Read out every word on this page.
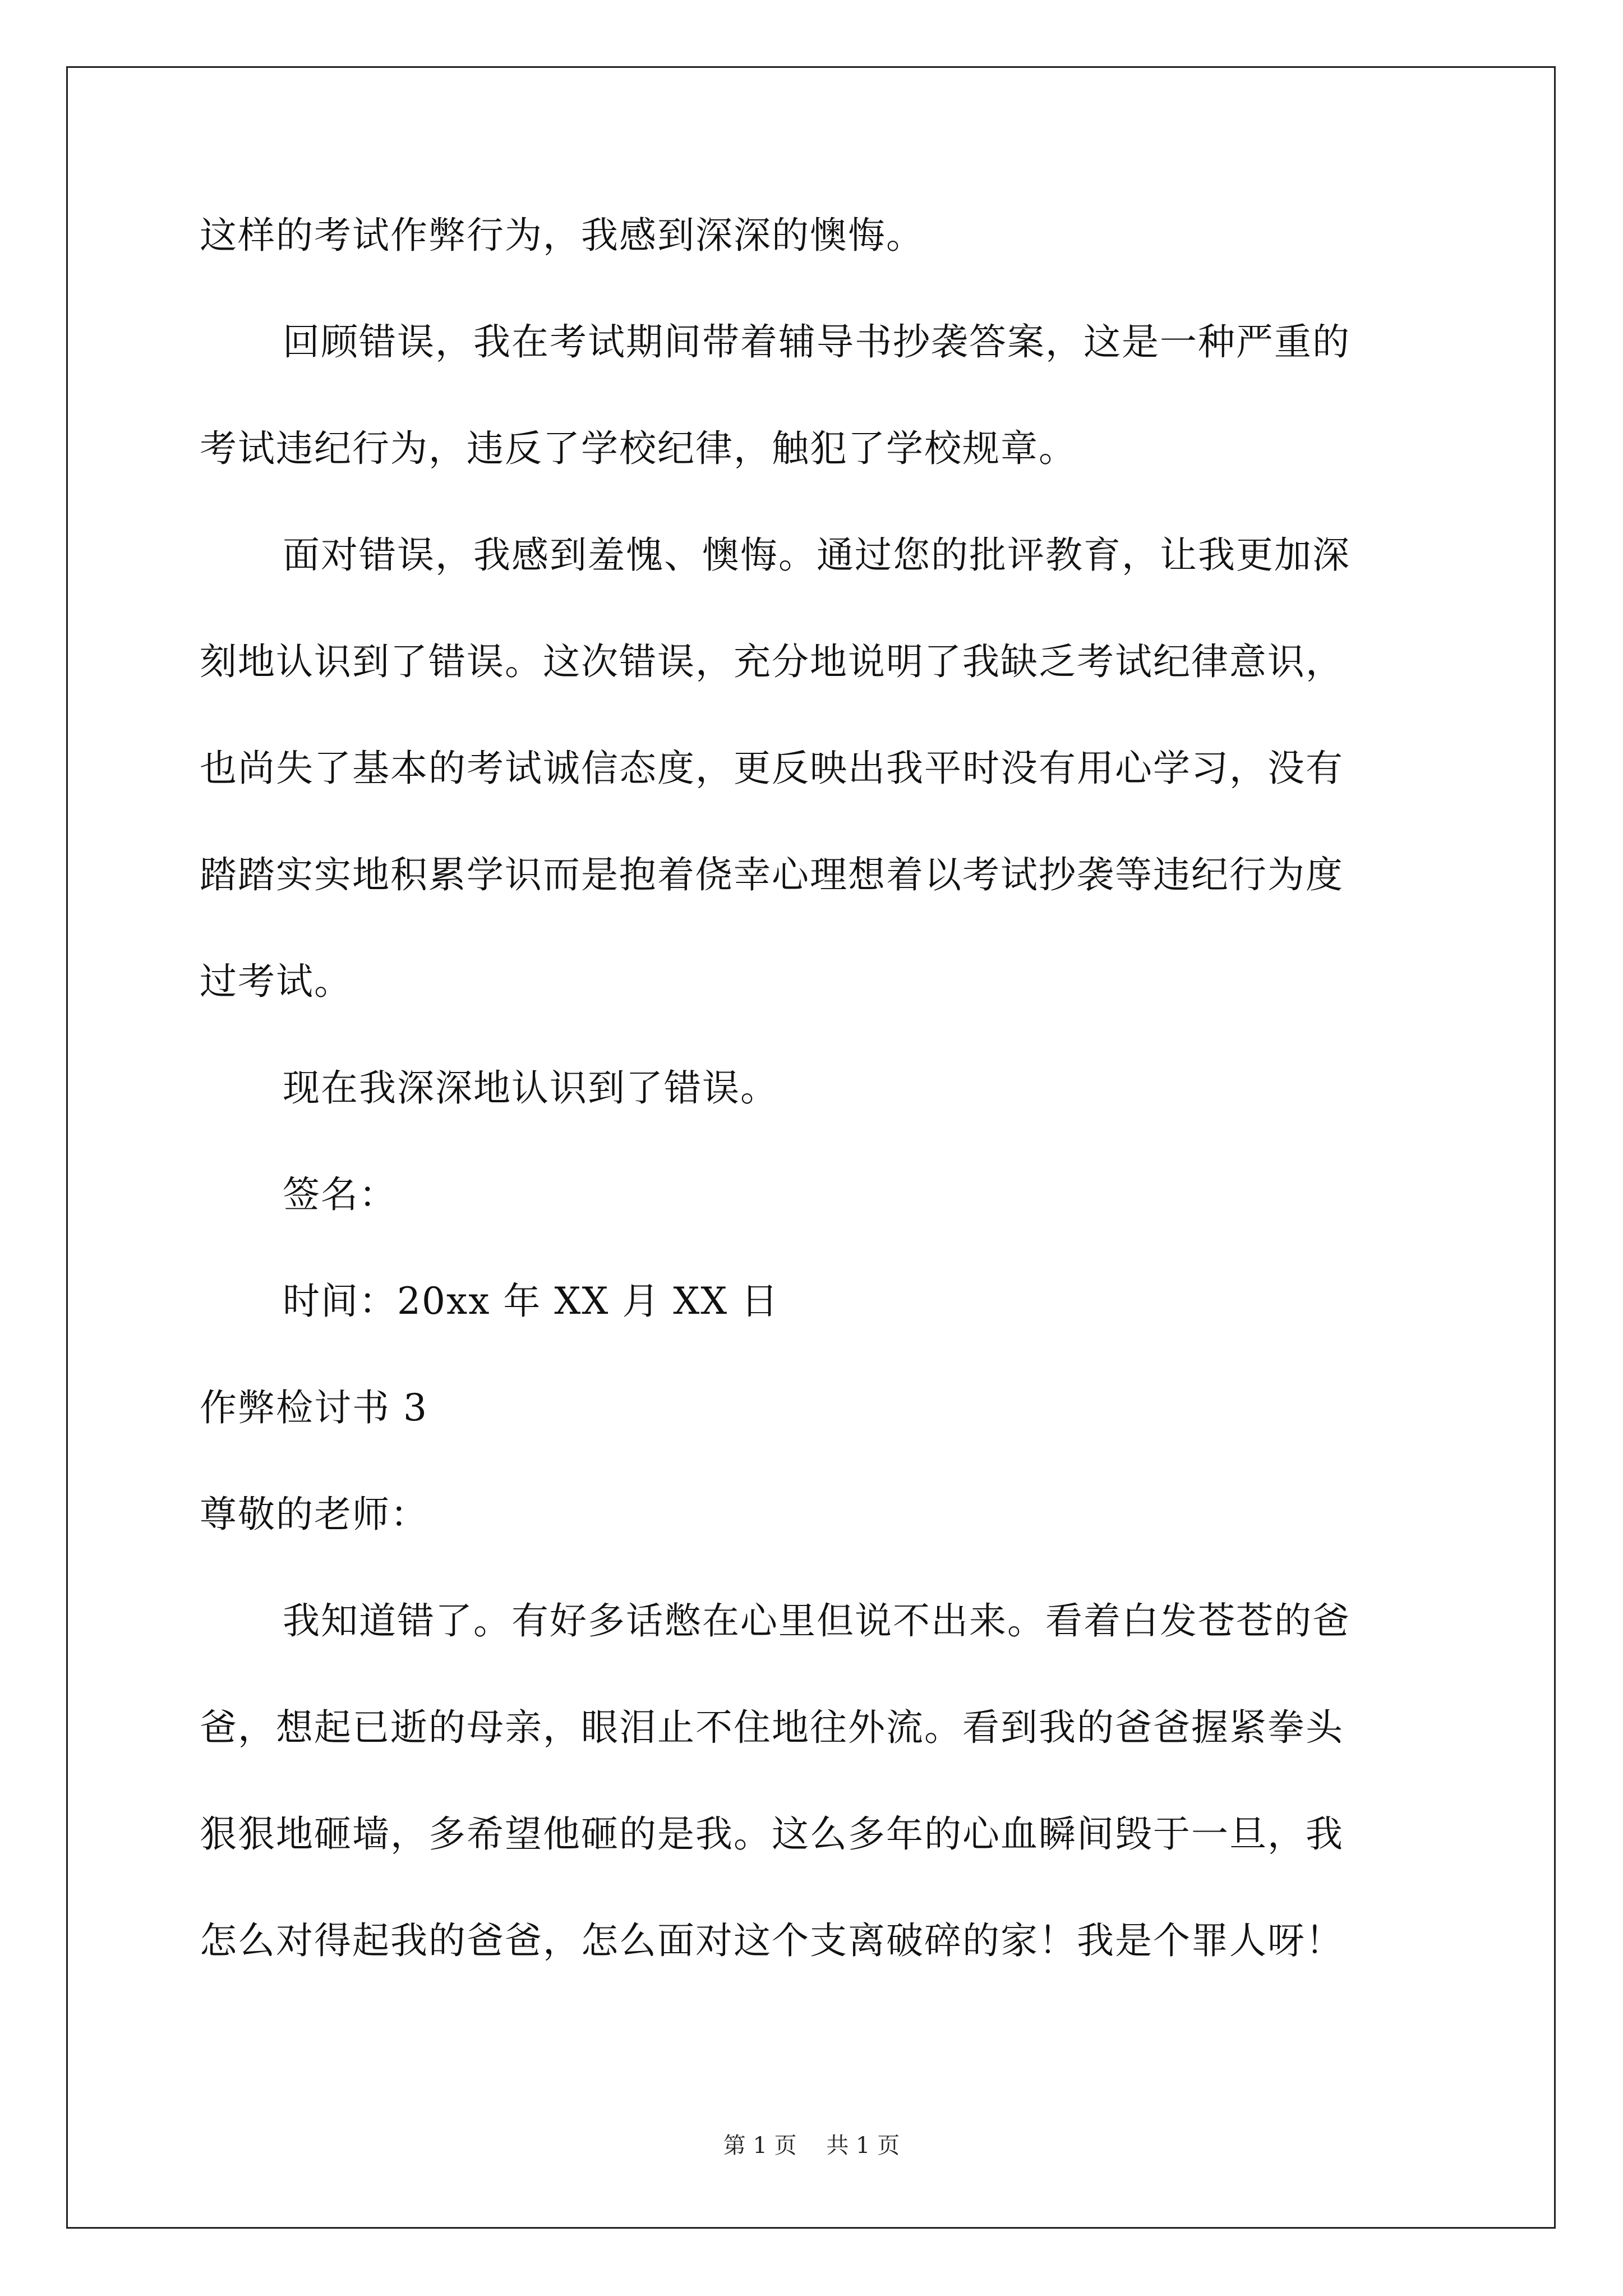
这样的考试作弊行为，我感到深深的懊悔。
回顾错误，我在考试期间带着辅导书抄袭答案，这是一种严重的
考试违纪行为，违反了学校纪律，触犯了学校规章。
面对错误，我感到羞愧、懊悔。通过您的批评教育，让我更加深
刻地认识到了错误。这次错误，充分地说明了我缺乏考试纪律意识，
也尚失了基本的考试诚信态度，更反映出我平时没有用心学习，没有
踏踏实实地积累学识而是抱着侥幸心理想着以考试抄袭等违纪行为度
过考试。
现在我深深地认识到了错误。
签名：
时间：20xx 年 XX 月 XX 日
作弊检讨书 3
尊敬的老师：
我知道错了。有好多话憋在心里但说不出来。看着白发苍苍的爸
爸，想起已逝的母亲，眼泪止不住地往外流。看到我的爸爸握紧拳头
狠狠地砸墙，多希望他砸的是我。这么多年的心血瞬间毁于一旦，我
怎么对得起我的爸爸，怎么面对这个支离破碎的家！我是个罪人呀！
第 1 页　 共 1 页
